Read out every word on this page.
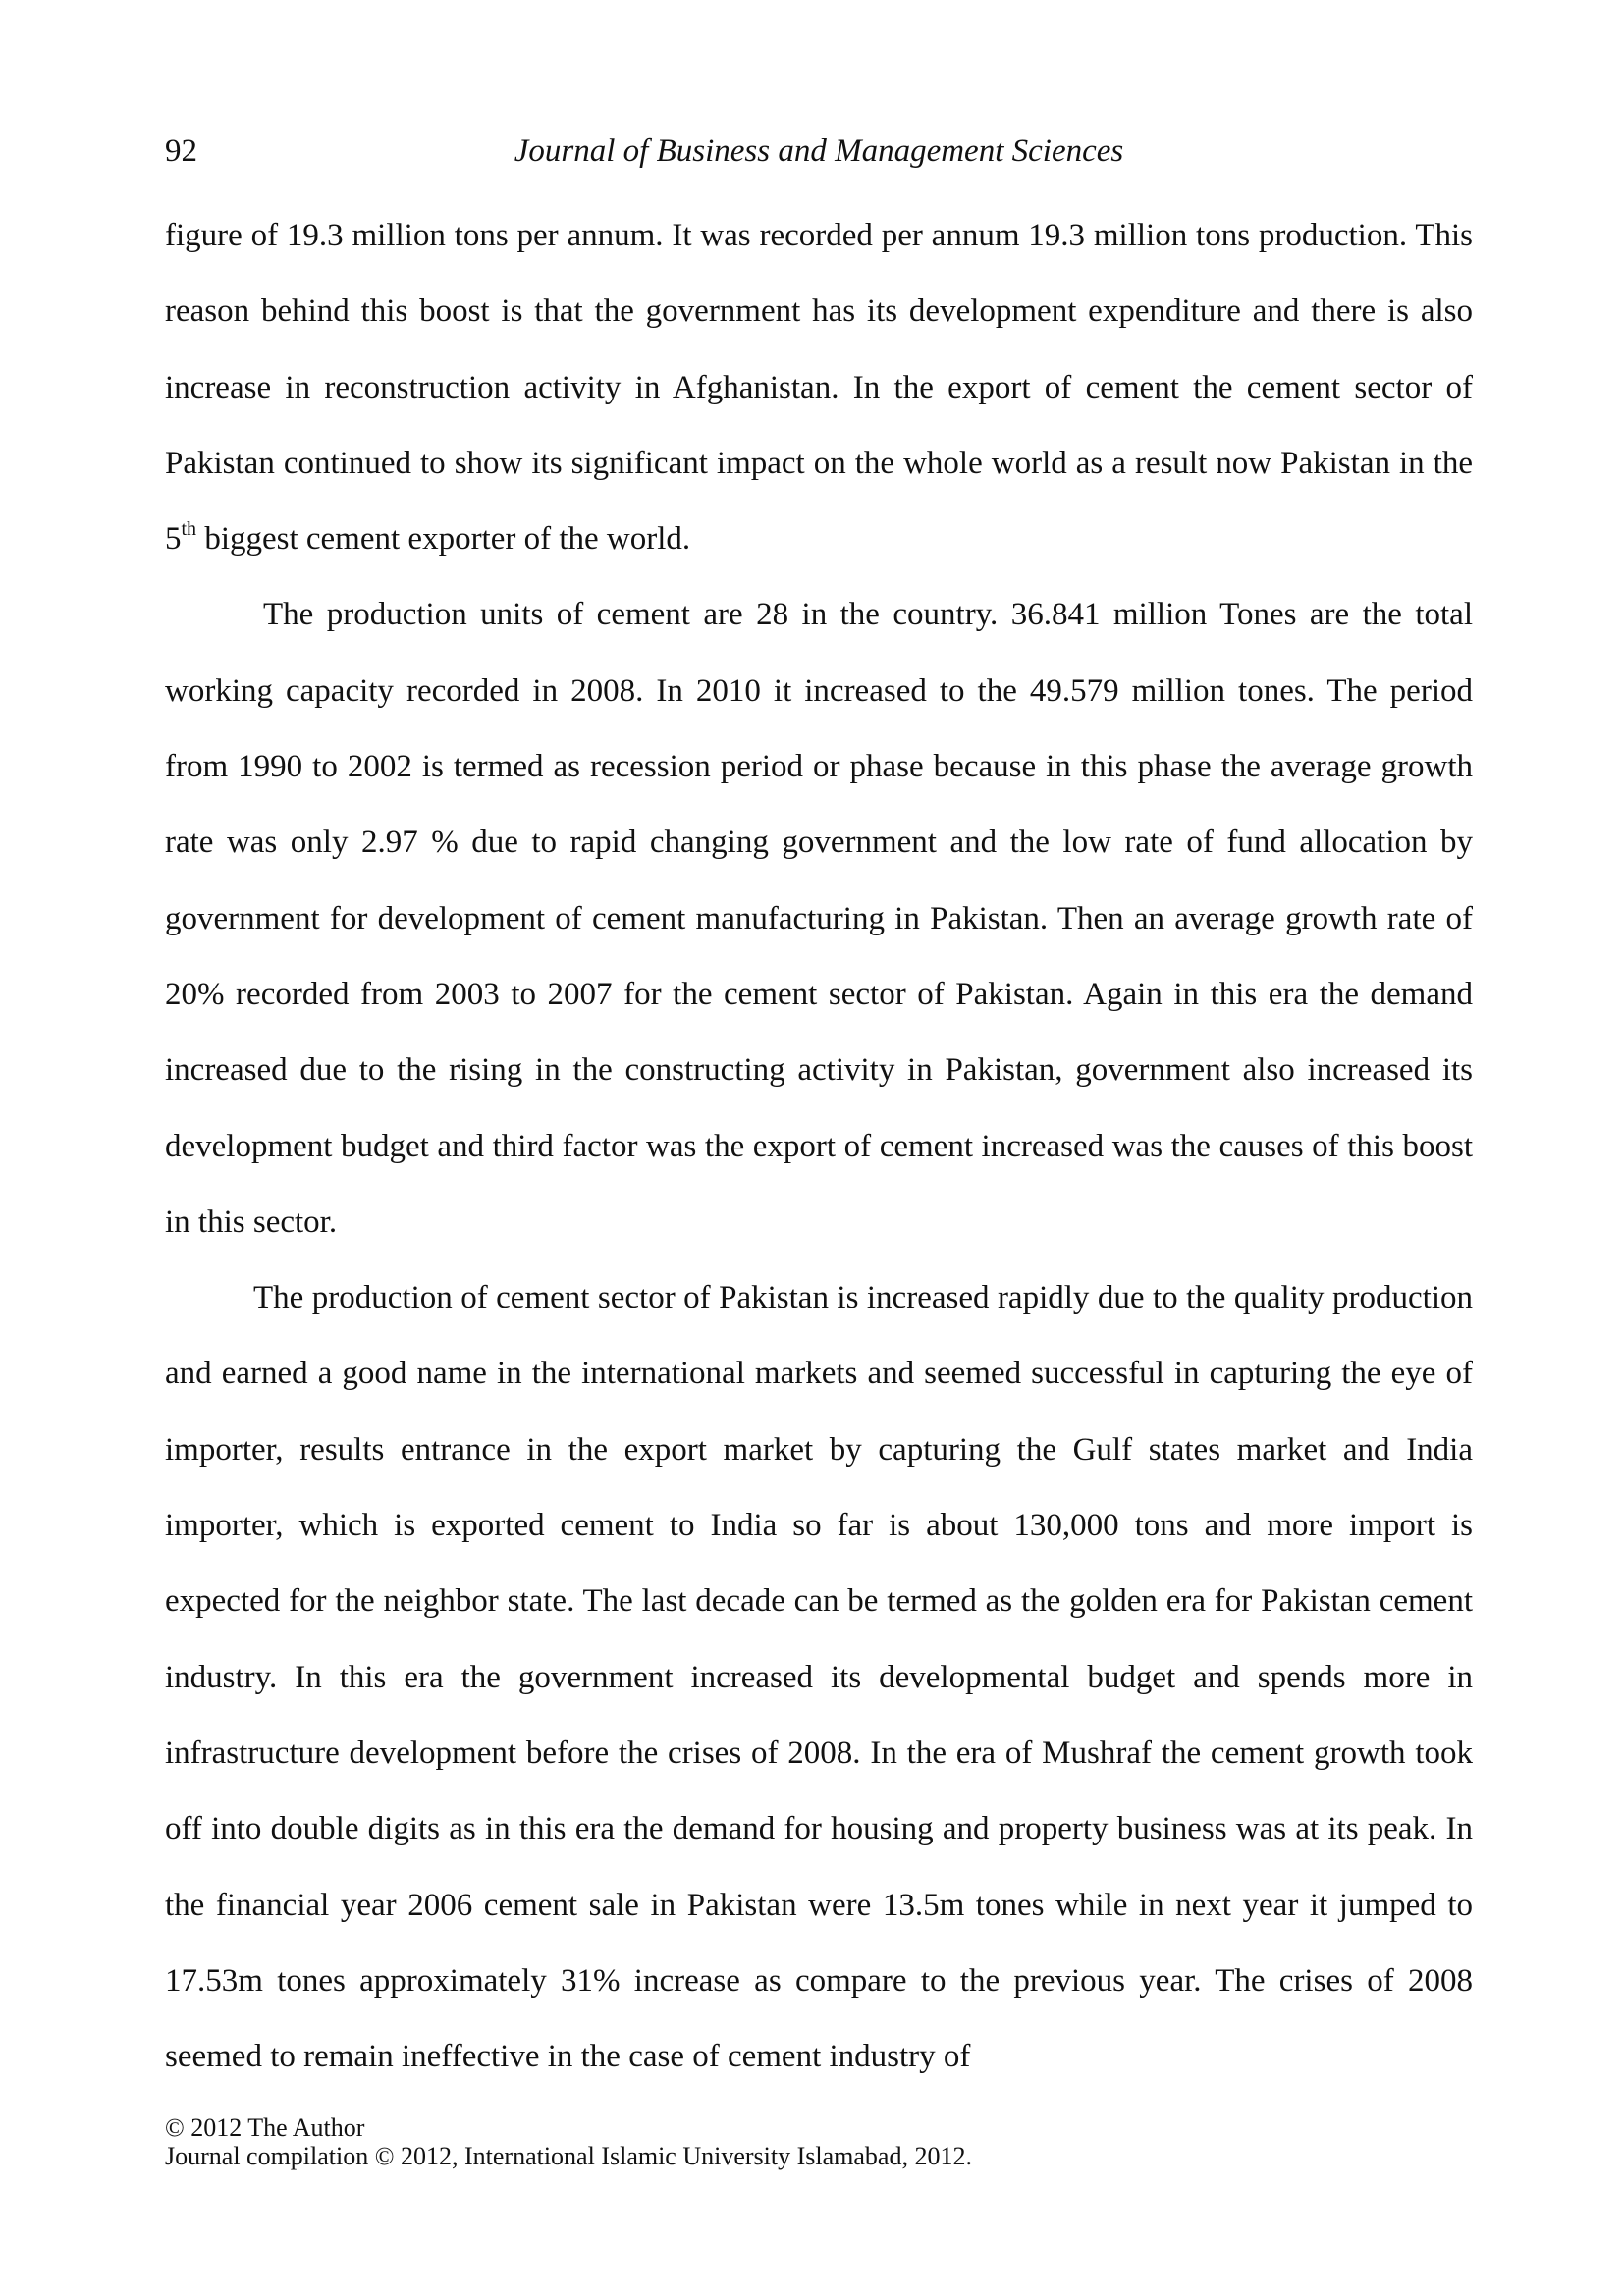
92	Journal of Business and Management Sciences

figure of 19.3 million tons per annum. It was recorded per annum 19.3 million tons production. This reason behind this boost is that the government has its development expenditure and there is also increase in reconstruction activity in Afghanistan. In the export of cement the cement sector of Pakistan continued to show its significant impact on the whole world as a result now Pakistan in the 5th biggest cement exporter of the world.

The production units of cement are 28 in the country. 36.841 million Tones are the total working capacity recorded in 2008. In 2010 it increased to the 49.579 million tones. The period from 1990 to 2002 is termed as recession period or phase because in this phase the average growth rate was only 2.97 % due to rapid changing government and the low rate of fund allocation by government for development of cement manufacturing in Pakistan. Then an average growth rate of 20% recorded from 2003 to 2007 for the cement sector of Pakistan. Again in this era the demand increased due to the rising in the constructing activity in Pakistan, government also increased its development budget and third factor was the export of cement increased was the causes of this boost in this sector.

The production of cement sector of Pakistan is increased rapidly due to the quality production and earned a good name in the international markets and seemed successful in capturing the eye of importer, results entrance in the export market by capturing the Gulf states market and India importer, which is exported cement to India so far is about 130,000 tons and more import is expected for the neighbor state. The last decade can be termed as the golden era for Pakistan cement industry. In this era the government increased its developmental budget and spends more in infrastructure development before the crises of 2008. In the era of Mushraf the cement growth took off into double digits as in this era the demand for housing and property business was at its peak. In the financial year 2006 cement sale in Pakistan were 13.5m tones while in next year it jumped to 17.53m tones approximately 31% increase as compare to the previous year. The crises of 2008 seemed to remain ineffective in the case of cement industry of

© 2012 The Author
Journal compilation © 2012, International Islamic University Islamabad, 2012.
